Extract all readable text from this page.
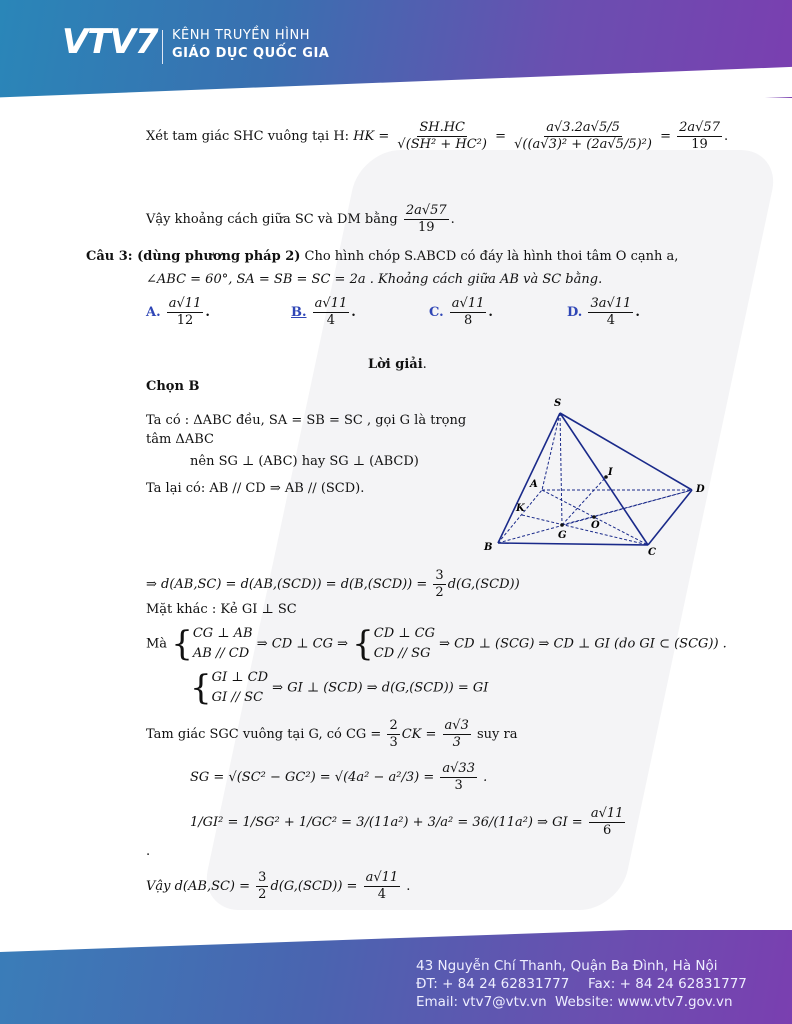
VTV7 KÊNH TRUYỀN HÌNH
GIÁO DỤC QUỐC GIA
Xét tam giác SHC vuông tại H: HK = $\frac{SH.HC}{\text{√(SH² + HC²)}} = \frac{a√3.2a√5/5}{\text{√((a√3)² + (2a√5/5)²)}} = \frac{2a√57}{19}$ .
Vậy khoảng cách giữa SC và DM bằng $\frac{2a√57}{19}$ .
Câu 3: (dùng phương pháp 2) Cho hình chóp S.ABCD có đáy là hình thoi tâm O cạnh a,
∠ABC = 60°, SA = SB = SC = 2a . Khoảng cách giữa AB và SC bằng.
A. $\frac{a√11}{12}$ .	B. $\frac{a√11}{4}$ .	C. $\frac{a√11}{8}$ .	D. $\frac{3a√11}{4}$ .
Lời giải.
Chọn B
Ta có : ΔABC đều, SA = SB = SC , gọi G là trọng
tâm ΔABC
nên SG ⊥ (ABC) hay SG ⊥ (ABCD)
Ta lại có: AB // CD ⇒ AB // (SCD).
S
A
I
D
K
O
G
B	C
⇒ $d(AB,SC) = d(AB,(SCD)) = d(B,(SCD)) = \frac{3}{2} d(G,(SCD))$
Mặt khác : Kẻ GI ⊥ SC
Mà { CG ⊥ AB
AB // CD
⇒ CD ⊥ CG ⇒ { CD ⊥ CG
CD // SG
⇒ CD ⊥ (SCG) ⇒ CD ⊥ GI (do GI ⊂ (SCG)) .
{ GI ⊥ CD
GI // SC
⇒ GI ⊥ (SCD) ⇒ d(G,(SCD)) = GI
Tam giác SGC vuông tại G, có CG = $\frac{2}{3}$ CK = $\frac{a√3}{3}$ suy ra
SG = $√(SC^2 - GC^2) = √(4a^2 - a^2/3) = \frac{a√33}{3}$ .
1/GI² = 1/SG² + 1/GC² = 3/(11a²) + 3/a² = 36/(11a²) ⇒ GI = $\frac{a√11}{6}$
.
Vậy $d(AB,SC) = \frac{3}{2} d(G,(SCD)) = \frac{a√11}{4}$ .
43 Nguyễn Chí Thanh, Quận Ba Đình, Hà Nội
ĐT: + 84 24 62831777 Fax: + 84 24 62831777
Email: vtv7@vtv.vn Website: www.vtv7.gov.vn
